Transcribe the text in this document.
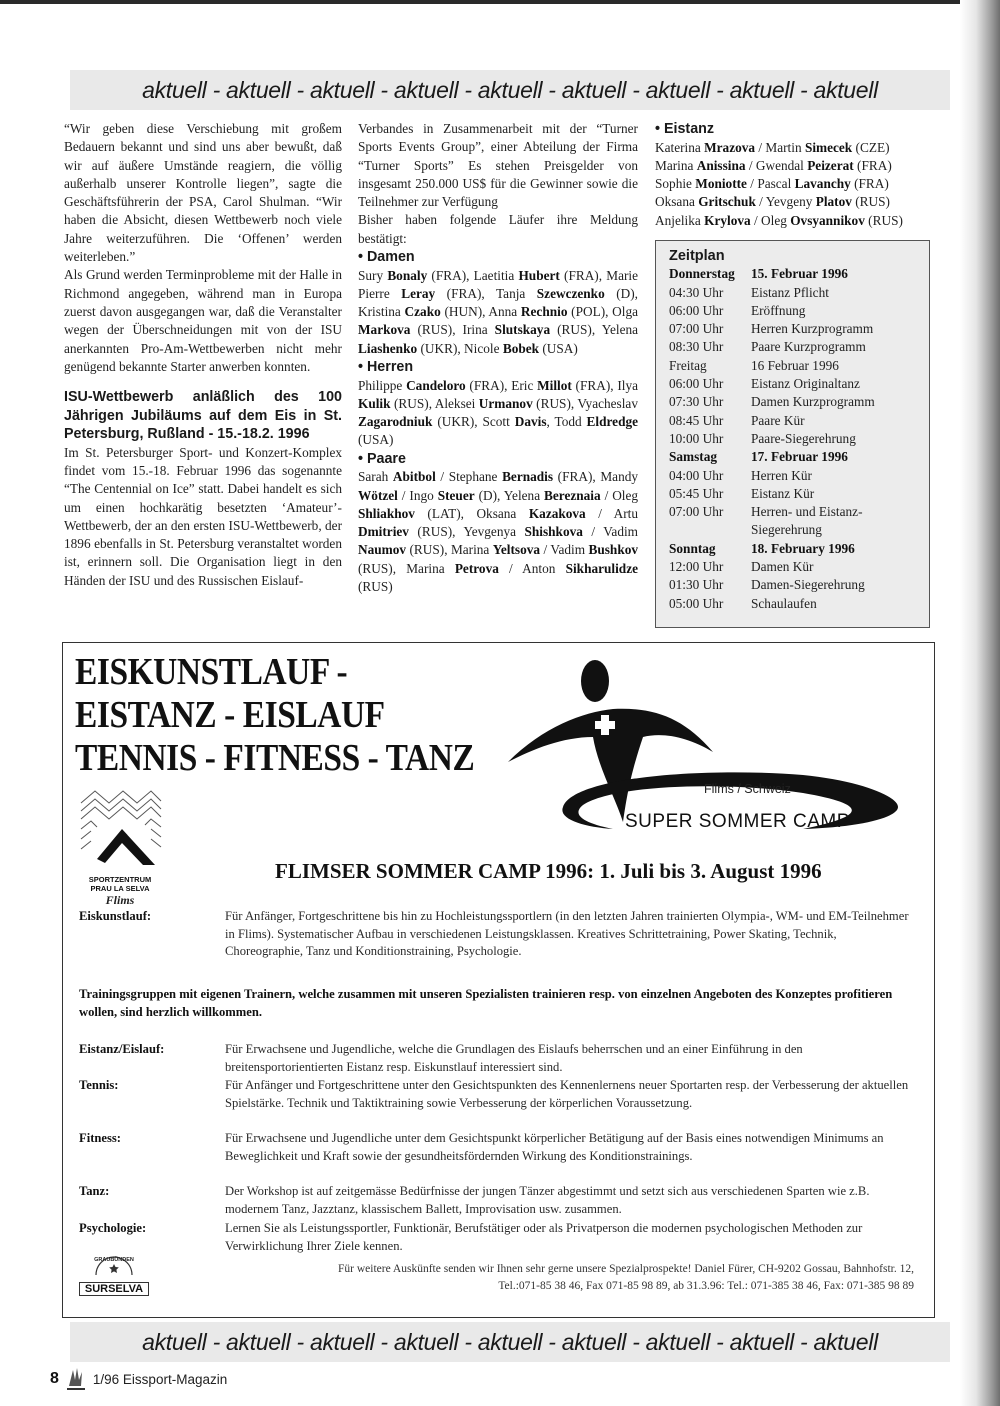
aktuell - aktuell - aktuell - aktuell - aktuell - aktuell - aktuell - aktuell - aktuell

“Wir geben diese Verschiebung mit großem Bedauern bekannt und sind uns aber bewußt, daß wir auf äußere Umstände reagiern, die völlig außerhalb unserer Kontrolle liegen”, sagte die Geschäftsführerin der PSA, Carol Shulman. “Wir haben die Absicht, diesen Wettbewerb noch viele Jahre weiterzuführen. Die ‘Offenen’ werden weiterleben.”

Als Grund werden Terminprobleme mit der Halle in Richmond angegeben, während man in Europa zuerst davon ausgegangen war, daß die Veranstalter wegen der Überschneidungen mit von der ISU anerkannten Pro-Am-Wettbewerben nicht mehr genügend bekannte Starter anwerben konnten.

ISU-Wettbewerb anläßlich des 100 Jährigen Jubiläums auf dem Eis in St. Petersburg, Rußland - 15.-18.2. 1996

Im St. Petersburger Sport- und Konzert-Komplex findet vom 15.-18. Februar 1996 das sogenannte “The Centennial on Ice” statt. Dabei handelt es sich um einen hochkarätig besetzten ‘Amateur’-Wettbewerb, der an den ersten ISU-Wettbewerb, der 1896 ebenfalls in St. Petersburg veranstaltet worden ist, erinnern soll. Die Organisation liegt in den Händen der ISU und des Russischen Eislauf-

Verbandes in Zusammenarbeit mit der “Turner Sports Events Group”, einer Abteilung der Firma “Turner Sports” Es stehen Preisgelder von insgesamt 250.000 US$ für die Gewinner sowie die Teilnehmer zur Verfügung

Bisher haben folgende Läufer ihre Meldung bestätigt:

• Damen

Sury Bonaly (FRA), Laetitia Hubert (FRA), Marie Pierre Leray (FRA), Tanja Szewczenko (D), Kristina Czako (HUN), Anna Rechnio (POL), Olga Markova (RUS), Irina Slutskaya (RUS), Yelena Liashenko (UKR), Nicole Bobek (USA)

• Herren

Philippe Candeloro (FRA), Eric Millot (FRA), Ilya Kulik (RUS), Aleksei Urmanov (RUS), Vyacheslav Zagarodniuk (UKR), Scott Davis, Todd Eldredge (USA)

• Paare

Sarah Abitbol / Stephane Bernadis (FRA), Mandy Wötzel / Ingo Steuer (D), Yelena Bereznaia / Oleg Shliakhov (LAT), Oksana Kazakova / Artu Dmitriev (RUS), Yevgenya Shishkova / Vadim Naumov (RUS), Marina Yeltsova / Vadim Bushkov (RUS), Marina Petrova / Anton Sikharulidze (RUS)

• Eistanz

Katerina Mrazova / Martin Simecek (CZE)

Marina Anissina / Gwendal Peizerat (FRA)

Sophie Moniotte / Pascal Lavanchy (FRA)

Oksana Gritschuk / Yevgeny Platov (RUS)

Anjelika Krylova / Oleg Ovsyannikov (RUS)

Zeitplan
Donnerstag	15. Februar 1996
04:30 Uhr	Eistanz Pflicht
06:00 Uhr	Eröffnung
07:00 Uhr	Herren Kurzprogramm
08:30 Uhr	Paare Kurzprogramm
Freitag	16 Februar 1996
06:00 Uhr	Eistanz Originaltanz
07:30 Uhr	Damen Kurzprogramm
08:45 Uhr	Paare Kür
10:00 Uhr	Paare-Siegerehrung
Samstag	17. Februar 1996
04:00 Uhr	Herren Kür
05:45 Uhr	Eistanz Kür
07:00 Uhr	Herren- und Eistanz-
Siegerehrung
Sonntag	18. February 1996
12:00 Uhr	Damen Kür
01:30 Uhr	Damen-Siegerehrung
05:00 Uhr	Schaulaufen
EISKUNSTLAUF -
EISTANZ - EISLAUF
TENNIS - FITNESS - TANZ
Flims / Schweiz
SUPER SOMMER CAMP
SPORTZENTRUM
PRAU LA SELVA
Flims
FLIMSER SOMMER CAMP 1996: 1. Juli bis 3. August 1996
Eiskunstlauf:	Für Anfänger, Fortgeschrittene bis hin zu Hochleistungssportlern (in den letzten Jahren trainierten Olympia-, WM- und EM-Teilnehmer in Flims). Systematischer Aufbau in verschiedenen Leistungsklassen. Kreatives Schrittetraining, Power Skating, Technik, Choreographie, Tanz und Konditionstraining, Psychologie.
Trainingsgruppen mit eigenen Trainern, welche zusammen mit unseren Spezialisten trainieren resp. von einzelnen Angeboten des Konzeptes profitieren wollen, sind herzlich willkommen.
Eistanz/Eislauf:	Für Erwachsene und Jugendliche, welche die Grundlagen des Eislaufs beherrschen und an einer Einführung in den breitensportorientierten Eistanz resp. Eiskunstlauf interessiert sind.
Tennis:	Für Anfänger und Fortgeschrittene unter den Gesichtspunkten des Kennenlernens neuer Sportarten resp. der Verbesserung der aktuellen Spielstärke. Technik und Taktiktraining sowie Verbesserung der körperlichen Voraussetzung.
Fitness:	Für Erwachsene und Jugendliche unter dem Gesichtspunkt körperlicher Betätigung auf der Basis eines notwendigen Minimums an Beweglichkeit und Kraft sowie der gesundheitsfördernden Wirkung des Konditionstrainings.
Tanz:	Der Workshop ist auf zeitgemässe Bedürfnisse der jungen Tänzer abgestimmt und setzt sich aus verschiedenen Sparten wie z.B. modernem Tanz, Jazztanz, klassischem Ballett, Improvisation usw. zusammen.
Psychologie:	Lernen Sie als Leistungssportler, Funktionär, Berufstätiger oder als Privatperson die modernen psychologischen Methoden zur Verwirklichung Ihrer Ziele kennen.
GRAUBÜNDEN
SURSELVA
Für weitere Auskünfte senden wir Ihnen sehr gerne unsere Spezialprospekte! Daniel Fürer, CH-9202 Gossau, Bahnhofstr. 12,
Tel.:071-85 38 46, Fax 071-85 98 89, ab 31.3.96: Tel.: 071-385 38 46, Fax: 071-385 98 89
aktuell - aktuell - aktuell - aktuell - aktuell - aktuell - aktuell - aktuell - aktuell
8	1/96 Eissport-Magazin
